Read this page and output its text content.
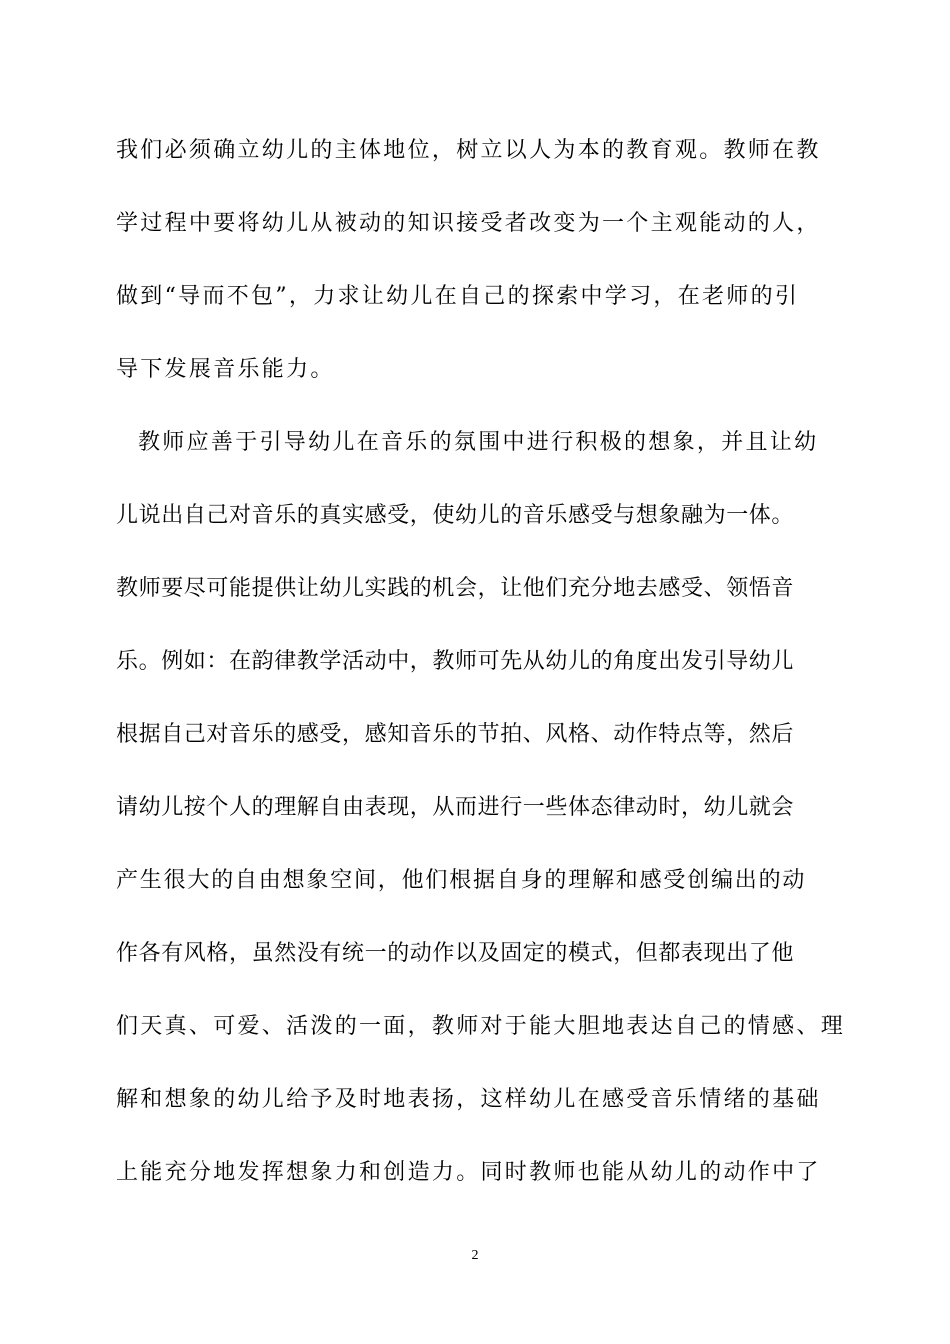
我们必须确立幼儿的主体地位，树立以人为本的教育观。教师在教
学过程中要将幼儿从被动的知识接受者改变为一个主观能动的人，
做到“导而不包”，力求让幼儿在自己的探索中学习，在老师的引
导下发展音乐能力。
教师应善于引导幼儿在音乐的氛围中进行积极的想象，并且让幼
儿说出自己对音乐的真实感受，使幼儿的音乐感受与想象融为一体。
教师要尽可能提供让幼儿实践的机会，让他们充分地去感受、领悟音
乐。例如：在韵律教学活动中，教师可先从幼儿的角度出发引导幼儿
根据自己对音乐的感受，感知音乐的节拍、风格、动作特点等，然后
请幼儿按个人的理解自由表现，从而进行一些体态律动时，幼儿就会
产生很大的自由想象空间，他们根据自身的理解和感受创编出的动
作各有风格，虽然没有统一的动作以及固定的模式，但都表现出了他
们天真、可爱、活泼的一面，教师对于能大胆地表达自己的情感、理
解和想象的幼儿给予及时地表扬，这样幼儿在感受音乐情绪的基础
上能充分地发挥想象力和创造力。同时教师也能从幼儿的动作中了
2
